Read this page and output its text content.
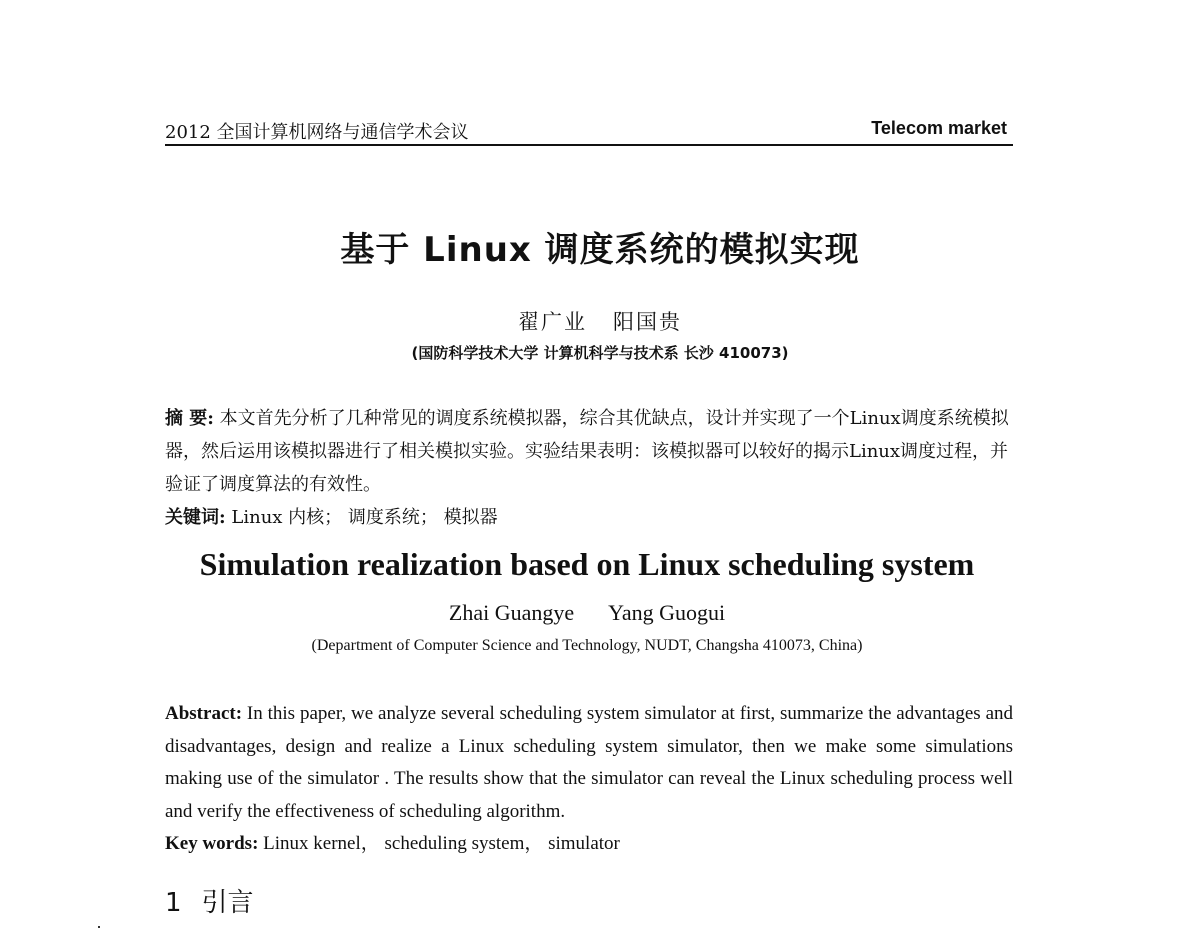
2012 全国计算机网络与通信学术会议	Telecom market
基于 Linux 调度系统的模拟实现
翟广业 阳国贵
(国防科学技术大学 计算机科学与技术系 长沙 410073)
摘 要: 本文首先分析了几种常见的调度系统模拟器，综合其优缺点，设计并实现了一个Linux调度系统模拟器，然后运用该模拟器进行了相关模拟实验。实验结果表明：该模拟器可以较好的揭示Linux调度过程，并验证了调度算法的有效性。
关键词: Linux 内核； 调度系统； 模拟器
Simulation realization based on Linux scheduling system
Zhai Guangye Yang Guogui
(Department of Computer Science and Technology, NUDT, Changsha 410073, China)
Abstract: In this paper, we analyze several scheduling system simulator at first, summarize the advantages and disadvantages, design and realize a Linux scheduling system simulator, then we make some simulations making use of the simulator . The results show that the simulator can reveal the Linux scheduling process well and verify the effectiveness of scheduling algorithm.
Key words: Linux kernel， scheduling system， simulator
1 引言
